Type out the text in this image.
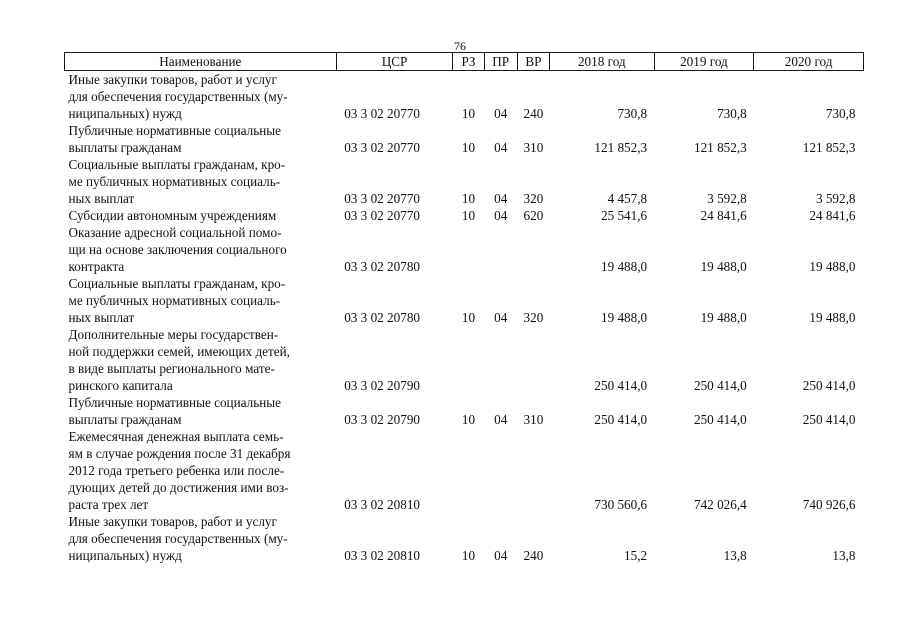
76
Наименование	ЦСР	РЗ	ПР	ВР	2018 год	2019 год	2020 год

Иные закупки товаров, работ и услуг
для обеспечения государственных (му-
ниципальных) нужд	03 3 02 20770	10	04	240	730,8	730,8	730,8

Публичные нормативные социальные
выплаты гражданам	03 3 02 20770	10	04	310	121 852,3	121 852,3	121 852,3

Социальные выплаты гражданам, кро-
ме публичных нормативных социаль-
ных выплат	03 3 02 20770	10	04	320	4 457,8	3 592,8	3 592,8

Субсидии автономным учреждениям	03 3 02 20770	10	04	620	25 541,6	24 841,6	24 841,6

Оказание адресной социальной помо-
щи на основе заключения социального
контракта	03 3 02 20780				19 488,0	19 488,0	19 488,0

Социальные выплаты гражданам, кро-
ме публичных нормативных социаль-
ных выплат	03 3 02 20780	10	04	320	19 488,0	19 488,0	19 488,0

Дополнительные меры государствен-
ной поддержки семей, имеющих детей,
в виде выплаты регионального мате-
ринского капитала	03 3 02 20790				250 414,0	250 414,0	250 414,0

Публичные нормативные социальные
выплаты гражданам	03 3 02 20790	10	04	310	250 414,0	250 414,0	250 414,0

Ежемесячная денежная выплата семь-
ям в случае рождения после 31 декабря
2012 года третьего ребенка или после-
дующих детей до достижения ими воз-
раста трех лет	03 3 02 20810				730 560,6	742 026,4	740 926,6

Иные закупки товаров, работ и услуг
для обеспечения государственных (му-
ниципальных) нужд	03 3 02 20810	10	04	240	15,2	13,8	13,8
